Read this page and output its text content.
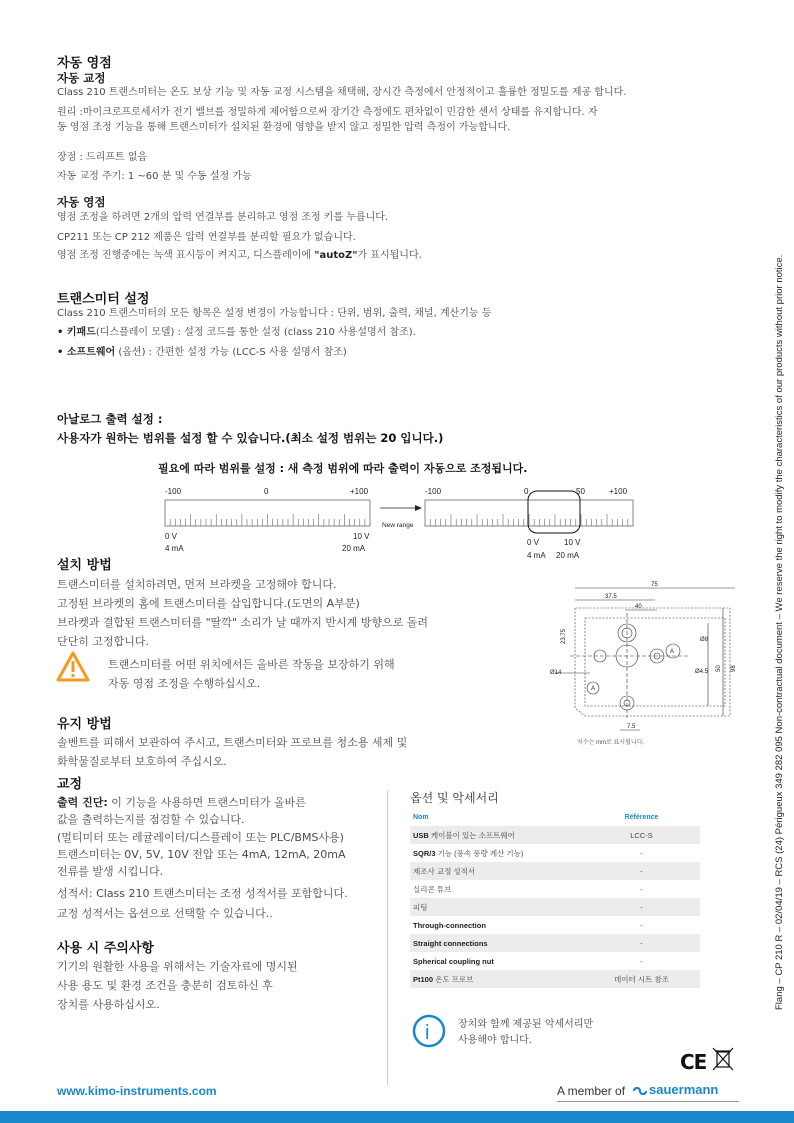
자동 영점
자동 교정
Class 210 트랜스미터는 온도 보상 기능 및 자동 교정 시스템을 채택해, 장시간 측정에서 안정적이고 훌륭한 정밀도를 제공 합니다.
원리 :마이크로프로세서가 전기 밸브를 정밀하게 제어함으로써 장기간 측정에도 편차없이 민감한 센서 상태를 유지합니다. 자
동 영점 조정 기능을 통해 트랜스미터가 설치된 환경에 영향을 받지 않고 정밀한 압력 측정이 가능합니다.
장점 : 드리프트 없음
자동 교정 주기: 1 ~60 분 및 수동 설정 가능
자동 영점
영점 조정을 하려면 2개의 압력 연결부를 분리하고 영점 조정 키를 누릅니다.
CP211 또는 CP 212 제품은 압력 연결부를 분리할 필요가 없습니다.
영점 조정 진행중에는 녹색 표시등이 켜지고, 디스플레이에 "autoZ"가 표시됩니다.
트랜스미터 설정
Class 210 트랜스미터의 모든 항목은 설정 변경이 가능합니다 : 단위, 범위, 출력, 채널, 계산기능 등
• 키패드(디스플레이 모델) : 설정 코드를 통한 설정 (class 210 사용설명서 참조).
• 소프트웨어 (옵션) : 간편한 설정 가능 (LCC-S 사용 설명서 참조)
아날로그 출력 설정 :
사용자가 원하는 범위를 설정 할 수 있습니다.(최소 설정 범위는 20 입니다.)
필요에 따라 범위를 설정 : 새 측정 범위에 따라 출력이 자동으로 조정됩니다.
-100	0	+100
0 V
4 mA
10 V
20 mA
New range
-100	0	50	+100
0 V	10 V
4 mA 20 mA
설치 방법
트랜스미터를 설치하려면, 먼저 브라켓을 고정해야 합니다.
고정된 브라켓의 홈에 트랜스미터를 삽입합니다.(도면의 A부분)
브라켓과 결합된 트랜스미터를 "딸깍" 소리가 날 때까지 반시계 방향으로 돌려
단단히 고정합니다.
트랜스미터를 어떤 위치에서든 올바른 작동을 보장하기 위해
자동 영점 조정을 수행하십시오.
75
37.5
40
23.75	Ø8
Ø14	Ø4.5 50 98
7.5
A
A
치수는 mm로 표시됩니다.
유지 방법
솔벤트를 피해서 보관하여 주시고, 트랜스미터와 프로브를 청소용 세제 및
화학물질로부터 보호하여 주십시오.
교정
출력 진단: 이 기능을 사용하면 트랜스미터가 올바른
값을 출력하는지를 점검할 수 있습니다.
(멀티미터 또는 레귤레이터/디스플레이 또는 PLC/BMS사용)
트랜스미터는 0V, 5V, 10V 전압 또는 4mA, 12mA, 20mA
전류를 발생 시킵니다.
성적서: Class 210 트랜스미터는 조정 성적서를 포함합니다.
교정 성적서는 옵션으로 선택할 수 있습니다..
사용 시 주의사항
기기의 원활한 사용을 위해서는 기술자료에 명시된
사용 용도 및 환경 조건을 충분히 검토하신 후
장치를 사용하십시오.
옵션 및 악세서리
Nom	Référence
USB 케이블이 있는 소프트웨어	LCC-S
SQR/3 기능 (풍속 풍량 계산 기능)	-
제조사 교정 성적서	-
실리콘 튜브	-
피팅	-
Through-connection	-
Straight connections	-
Spherical coupling nut	-
Pt100 온도 프로브	데이터 시트 참조
i	장치와 함께 제공된 악세서리만
사용해야 합니다.
CE
www.kimo-instruments.com	A member of sauermann
Flang – CP 210 R – 02/04/19 – RCS (24) Périgueux 349 282 095 Non-contractual document – We reserve the right to modify the characteristics of our products without prior notice.
